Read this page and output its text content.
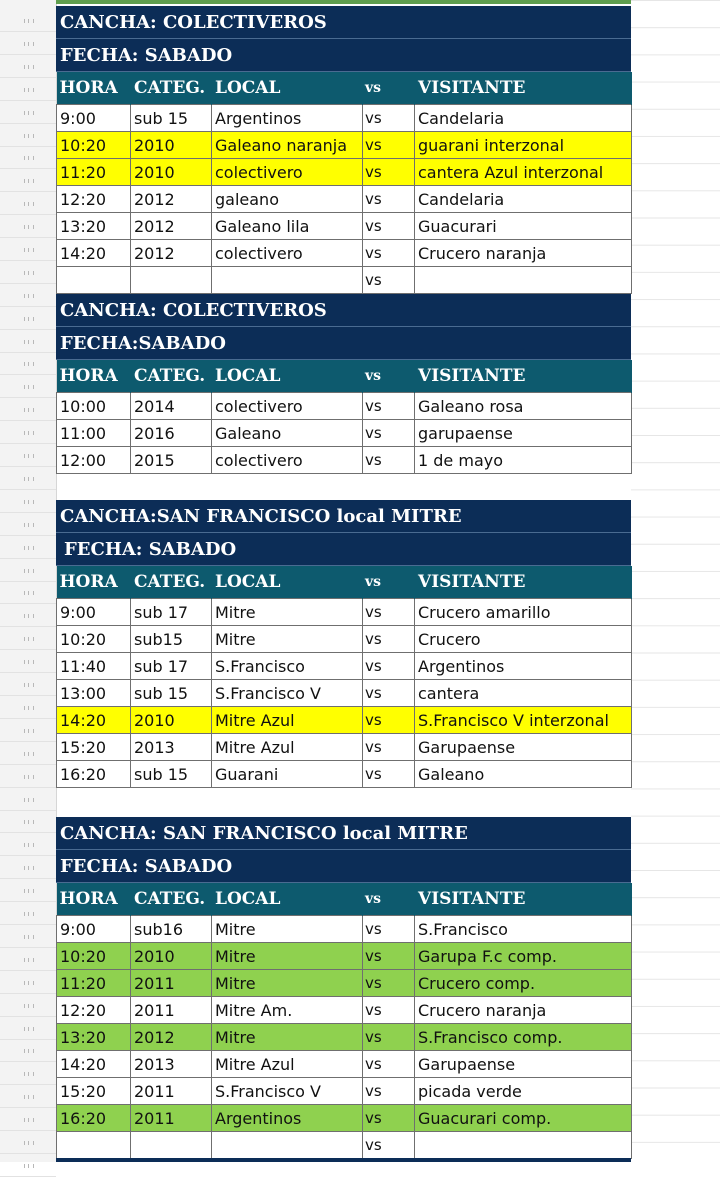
CANCHA: COLECTIVEROS
FECHA: SABADO
HORA	CATEG.	LOCAL	vs	VISITANTE
9:00	sub 15	Argentinos	vs	Candelaria
10:20	2010	Galeano naranja	vs	guarani interzonal
11:20	2010	colectivero	vs	cantera Azul interzonal
12:20	2012	galeano	vs	Candelaria
13:20	2012	Galeano lila	vs	Guacurari
14:20	2012	colectivero	vs	Crucero naranja
			vs	
CANCHA: COLECTIVEROS
FECHA:SABADO
HORA	CATEG.	LOCAL	vs	VISITANTE
10:00	2014	colectivero	vs	Galeano rosa
11:00	2016	Galeano	vs	garupaense
12:00	2015	colectivero	vs	1 de mayo
CANCHA:SAN FRANCISCO local MITRE
FECHA: SABADO
HORA	CATEG.	LOCAL	vs	VISITANTE
9:00	sub 17	Mitre	vs	Crucero amarillo
10:20	sub15	Mitre	vs	Crucero
11:40	sub 17	S.Francisco	vs	Argentinos
13:00	sub 15	S.Francisco V	vs	cantera
14:20	2010	Mitre Azul	vs	S.Francisco V interzonal
15:20	2013	Mitre Azul	vs	Garupaense
16:20	sub 15	Guarani	vs	Galeano
CANCHA: SAN FRANCISCO local MITRE
FECHA: SABADO
HORA	CATEG.	LOCAL	vs	VISITANTE
9:00	sub16	Mitre	vs	S.Francisco
10:20	2010	Mitre	vs	Garupa F.c comp.
11:20	2011	Mitre	vs	Crucero comp.
12:20	2011	Mitre Am.	vs	Crucero naranja
13:20	2012	Mitre	vs	S.Francisco comp.
14:20	2013	Mitre Azul	vs	Garupaense
15:20	2011	S.Francisco V	vs	picada verde
16:20	2011	Argentinos	vs	Guacurari comp.
			vs	
